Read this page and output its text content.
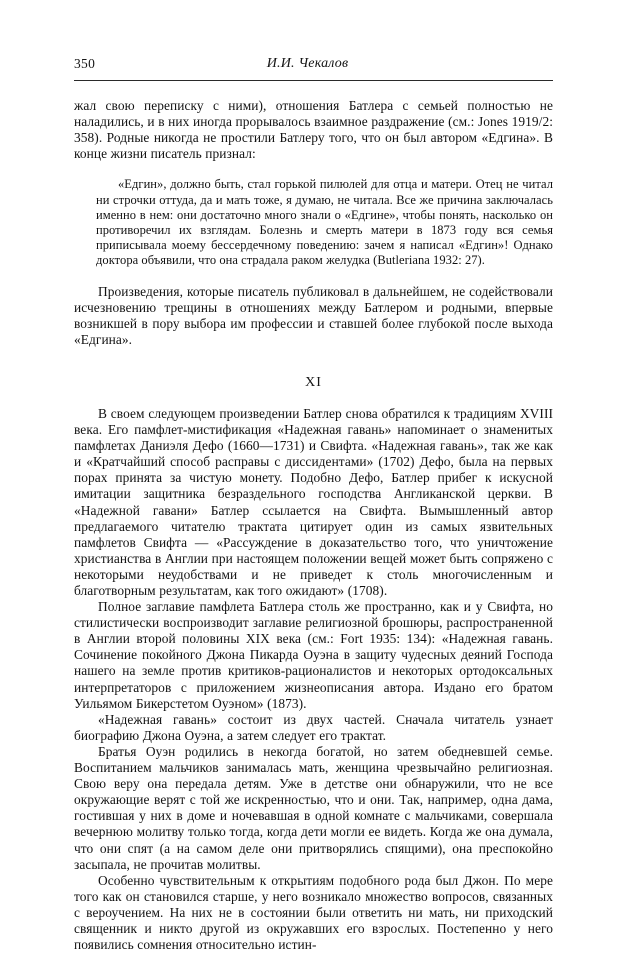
350	И.И. Чекалов

жал свою переписку с ними), отношения Батлера с семьей полностью не наладились, и в них иногда прорывалось взаимное раздражение (см.: Jones 1919/2: 358). Родные никогда не простили Батлеру того, что он был автором «Едгина». В конце жизни писатель признал:

«Едгин», должно быть, стал горькой пилюлей для отца и матери. Отец не читал ни строчки оттуда, да и мать тоже, я думаю, не читала. Все же причина заключалась именно в нем: они достаточно много знали о «Едгине», чтобы понять, насколько он противоречил их взглядам. Болезнь и смерть матери в 1873 году вся семья приписывала моему бессердечному поведению: зачем я написал «Едгин»! Однако доктора объявили, что она страдала раком желудка (Butleriana 1932: 27).

Произведения, которые писатель публиковал в дальнейшем, не содействовали исчезновению трещины в отношениях между Батлером и родными, впервые возникшей в пору выбора им профессии и ставшей более глубокой после выхода «Едгина».

XI

В своем следующем произведении Батлер снова обратился к традициям XVIII века. Его памфлет-мистификация «Надежная гавань» напоминает о знаменитых памфлетах Даниэля Дефо (1660—1731) и Свифта. «Надежная гавань», так же как и «Кратчайший способ расправы с диссидентами» (1702) Дефо, была на первых порах принята за чистую монету. Подобно Дефо, Батлер прибег к искусной имитации защитника безраздельного господства Англиканской церкви. В «Надежной гавани» Батлер ссылается на Свифта. Вымышленный автор предлагаемого читателю трактата цитирует один из самых язвительных памфлетов Свифта — «Рассуждение в доказательство того, что уничтожение христианства в Англии при настоящем положении вещей может быть сопряжено с некоторыми неудобствами и не приведет к столь многочисленным и благотворным результатам, как того ожидают» (1708).

Полное заглавие памфлета Батлера столь же пространно, как и у Свифта, но стилистически воспроизводит заглавие религиозной брошюры, распространенной в Англии второй половины XIX века (см.: Fort 1935: 134): «Надежная гавань. Сочинение покойного Джона Пикарда Оуэна в защиту чудесных деяний Господа нашего на земле против критиков-рационалистов и некоторых ортодоксальных интерпретаторов с приложением жизнеописания автора. Издано его братом Уильямом Бикерстетом Оуэном» (1873).

«Надежная гавань» состоит из двух частей. Сначала читатель узнает биографию Джона Оуэна, а затем следует его трактат.

Братья Оуэн родились в некогда богатой, но затем обедневшей семье. Воспитанием мальчиков занималась мать, женщина чрезвычайно религиозная. Свою веру она передала детям. Уже в детстве они обнаружили, что не все окружающие верят с той же искренностью, что и они. Так, например, одна дама, гостившая у них в доме и ночевавшая в одной комнате с мальчиками, совершала вечернюю молитву только тогда, когда дети могли ее видеть. Когда же она думала, что они спят (а на самом деле они притворялись спящими), она преспокойно засыпала, не прочитав молитвы.

Особенно чувствительным к открытиям подобного рода был Джон. По мере того как он становился старше, у него возникало множество вопросов, связанных с вероучением. На них не в состоянии были ответить ни мать, ни приходский священник и никто другой из окружавших его взрослых. Постепенно у него появились сомнения относительно истин-
